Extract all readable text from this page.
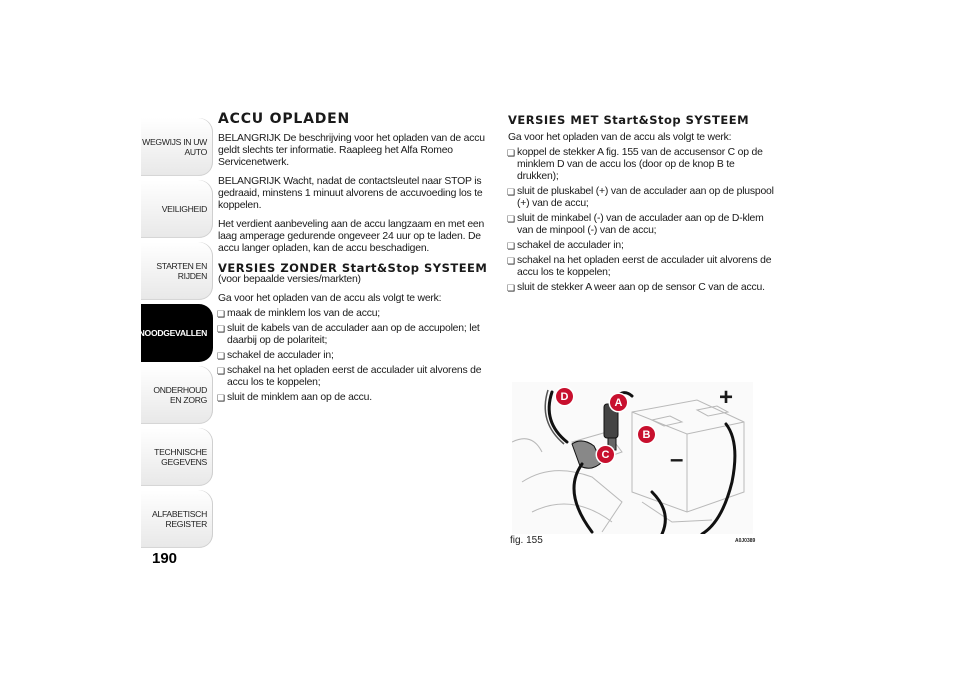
WEGWIJS IN UW AUTO
VEILIGHEID
STARTEN EN RIJDEN
NOODGEVALLEN
ONDERHOUD EN ZORG
TECHNISCHE GEGEVENS
ALFABETISCH REGISTER
190
ACCU OPLADEN

BELANGRIJK De beschrijving voor het opladen van de accu geldt slechts ter informatie. Raapleeg het Alfa Romeo Servicenetwerk.

BELANGRIJK Wacht, nadat de contactsleutel naar STOP is gedraaid, minstens 1 minuut alvorens de accuvoeding los te koppelen.

Het verdient aanbeveling aan de accu langzaam en met een laag amperage gedurende ongeveer 24 uur op te laden. De accu langer opladen, kan de accu beschadigen.

VERSIES ZONDER Start&Stop SYSTEEM

(voor bepaalde versies/markten)

Ga voor het opladen van de accu als volgt te werk:

❏ maak de minklem los van de accu;
❏ sluit de kabels van de acculader aan op de accupolen; let daarbij op de polariteit;
❏ schakel de acculader in;
❏ schakel na het opladen eerst de acculader uit alvorens de accu los te koppelen;
❏ sluit de minklem aan op de accu.
VERSIES MET Start&Stop SYSTEEM

Ga voor het opladen van de accu als volgt te werk:

❏ koppel de stekker A fig. 155 van de accusensor C op de minklem D van de accu los (door op de knop B te drukken);
❏ sluit de pluskabel (+) van de acculader aan op de pluspool (+) van de accu;
❏ sluit de minkabel (-) van de acculader aan op de D-klem van de minpool (-) van de accu;
❏ schakel de acculader in;
❏ schakel na het opladen eerst de acculader uit alvorens de accu los te koppelen;
❏ sluit de stekker A weer aan op de sensor C van de accu.
D	A
B
C
+
–
fig. 155	A0J0389
